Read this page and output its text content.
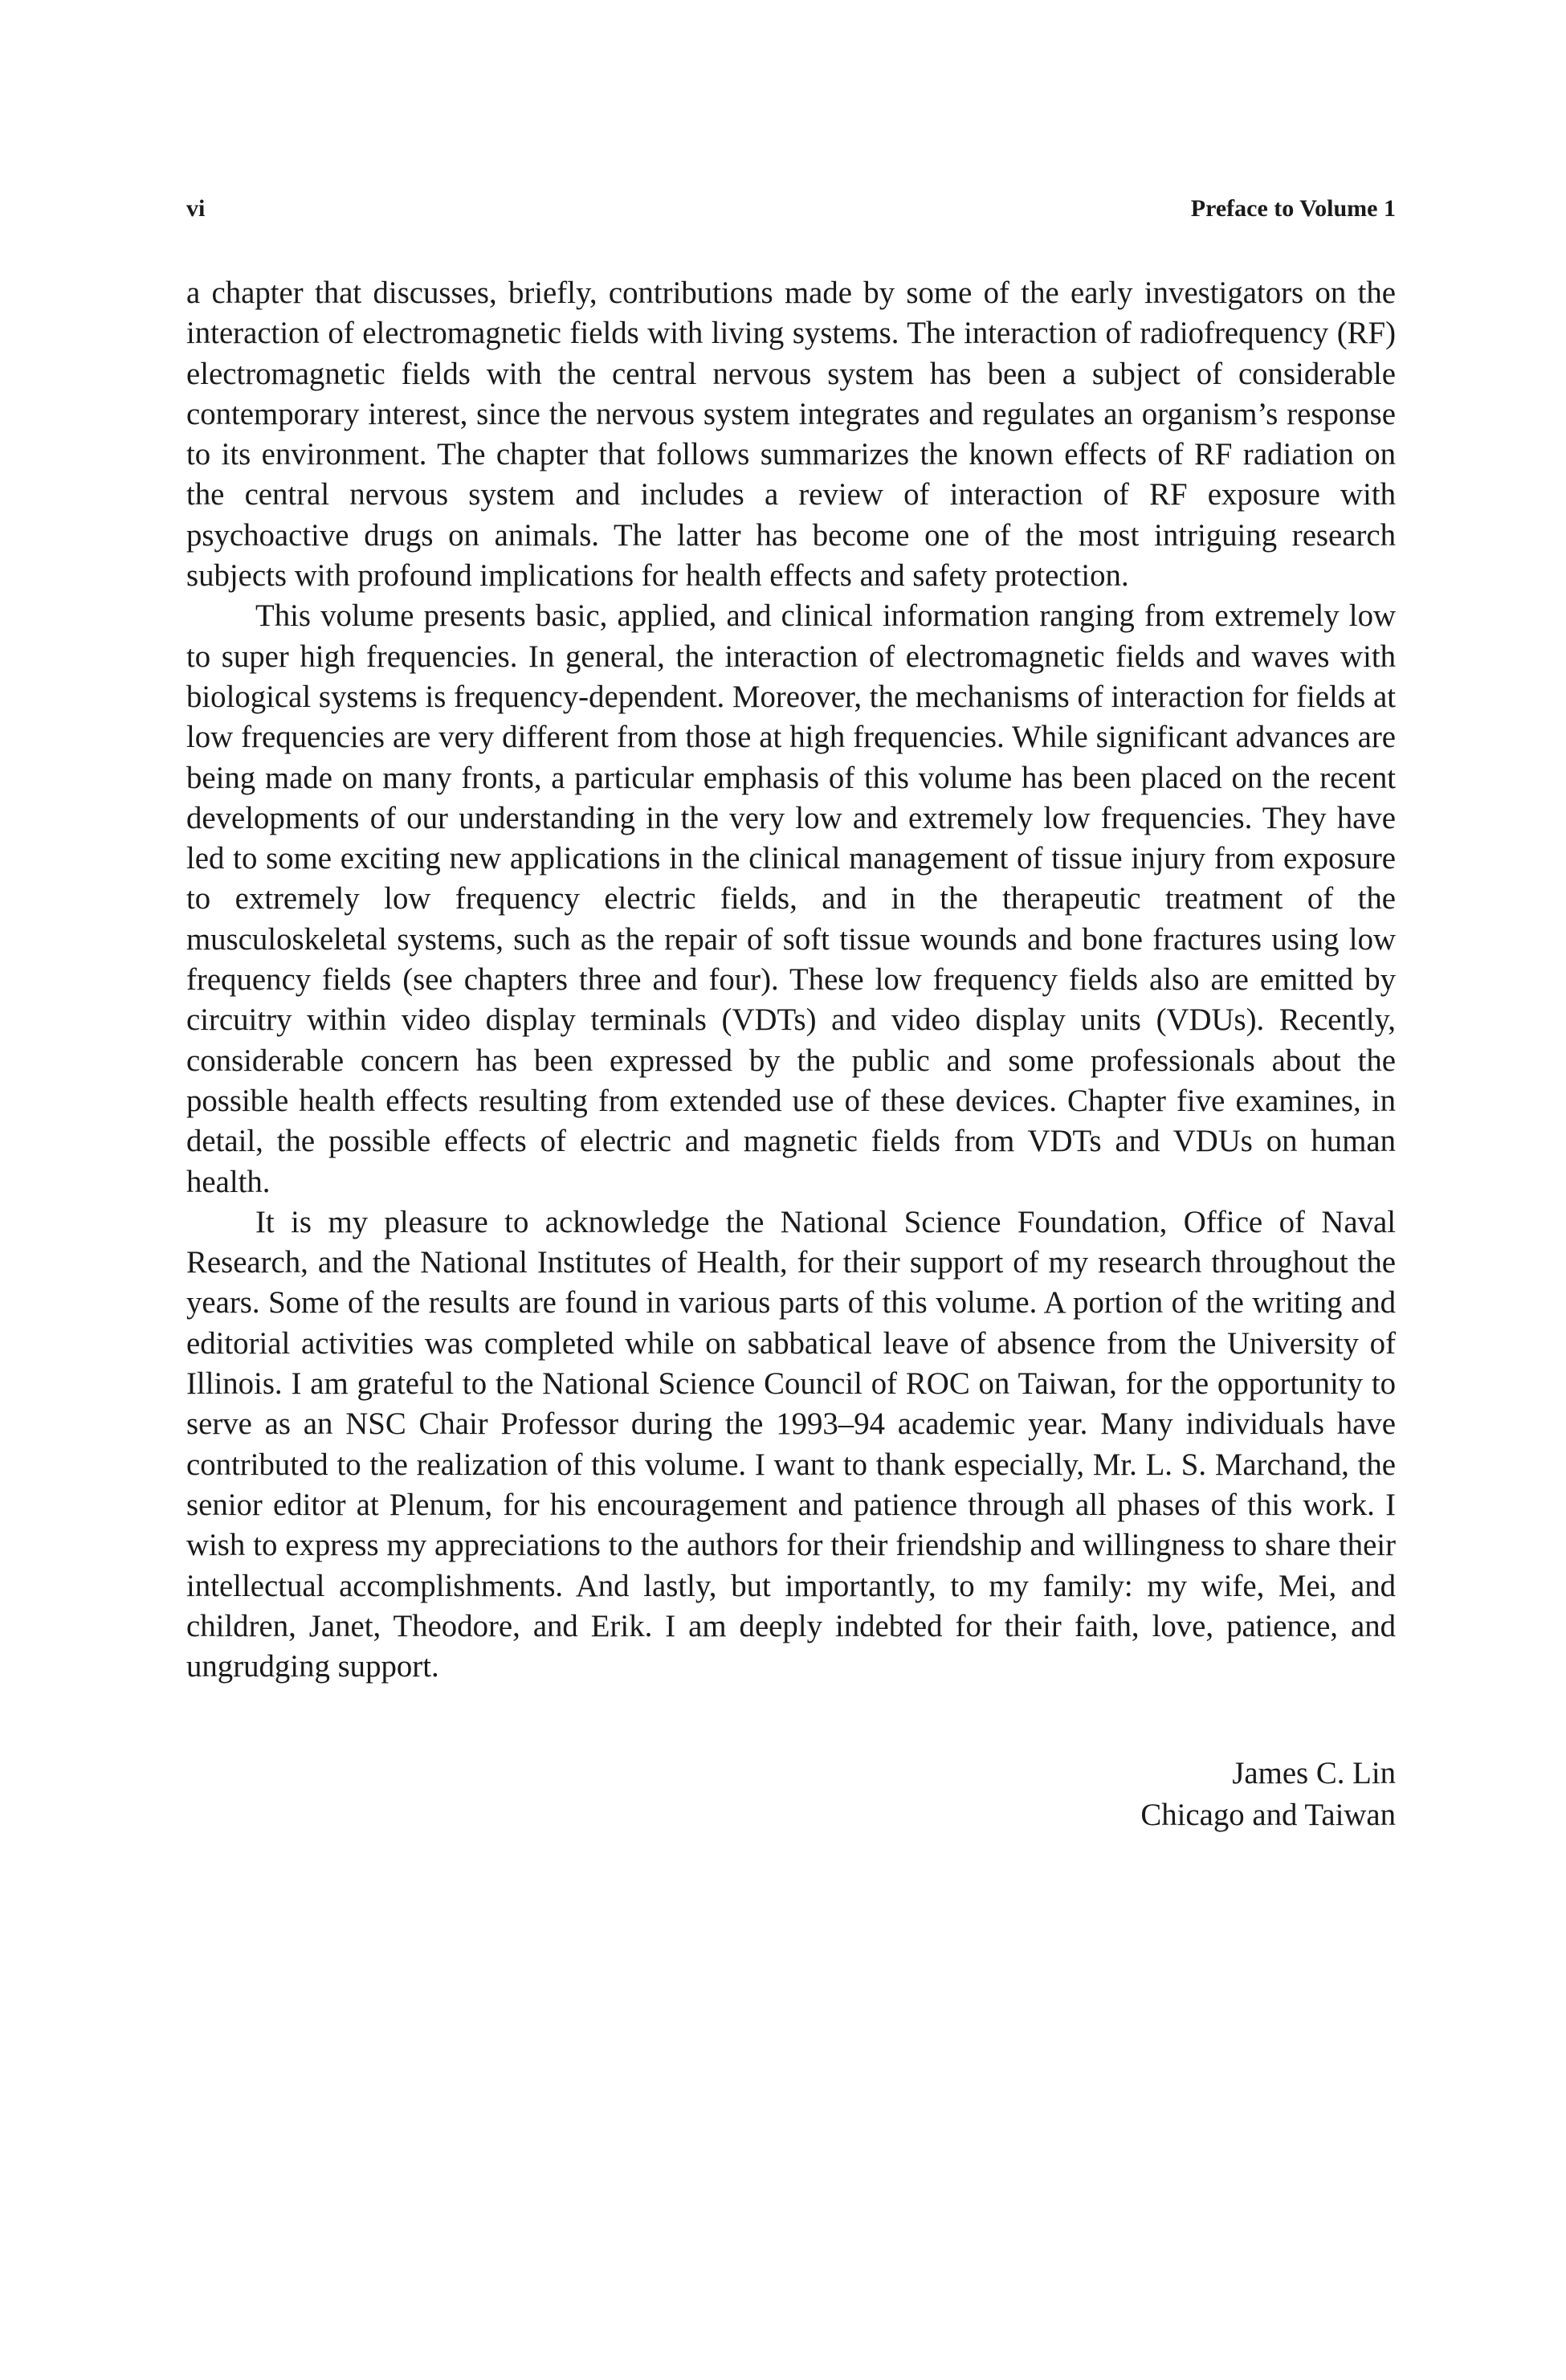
vi	Preface to Volume 1

a chapter that discusses, briefly, contributions made by some of the early investigators on the interaction of electromagnetic fields with living systems. The interaction of radiofrequency (RF) electromagnetic fields with the central nervous system has been a subject of considerable contemporary interest, since the nervous system integrates and regulates an organism’s response to its environment. The chapter that follows summarizes the known effects of RF radiation on the central nervous system and includes a review of interaction of RF exposure with psychoactive drugs on animals. The latter has become one of the most intriguing research subjects with profound implications for health effects and safety protection.

This volume presents basic, applied, and clinical information ranging from extremely low to super high frequencies. In general, the interaction of electromagnetic fields and waves with biological systems is frequency-dependent. Moreover, the mechanisms of interaction for fields at low frequencies are very different from those at high frequencies. While significant advances are being made on many fronts, a particular emphasis of this volume has been placed on the recent developments of our understanding in the very low and extremely low frequencies. They have led to some exciting new applications in the clinical management of tissue injury from exposure to extremely low frequency electric fields, and in the therapeutic treatment of the musculoskeletal systems, such as the repair of soft tissue wounds and bone fractures using low frequency fields (see chapters three and four). These low frequency fields also are emitted by circuitry within video display terminals (VDTs) and video display units (VDUs). Recently, considerable concern has been expressed by the public and some professionals about the possible health effects resulting from extended use of these devices. Chapter five examines, in detail, the possible effects of electric and magnetic fields from VDTs and VDUs on human health.

It is my pleasure to acknowledge the National Science Foundation, Office of Naval Research, and the National Institutes of Health, for their support of my research throughout the years. Some of the results are found in various parts of this volume. A portion of the writing and editorial activities was completed while on sabbatical leave of absence from the University of Illinois. I am grateful to the National Science Council of ROC on Taiwan, for the opportunity to serve as an NSC Chair Professor during the 1993–94 academic year. Many individuals have contributed to the realization of this volume. I want to thank especially, Mr. L. S. Marchand, the senior editor at Plenum, for his encouragement and patience through all phases of this work. I wish to express my appreciations to the authors for their friendship and willingness to share their intellectual accomplishments. And lastly, but importantly, to my family: my wife, Mei, and children, Janet, Theodore, and Erik. I am deeply indebted for their faith, love, patience, and ungrudging support.

James C. Lin
Chicago and Taiwan
